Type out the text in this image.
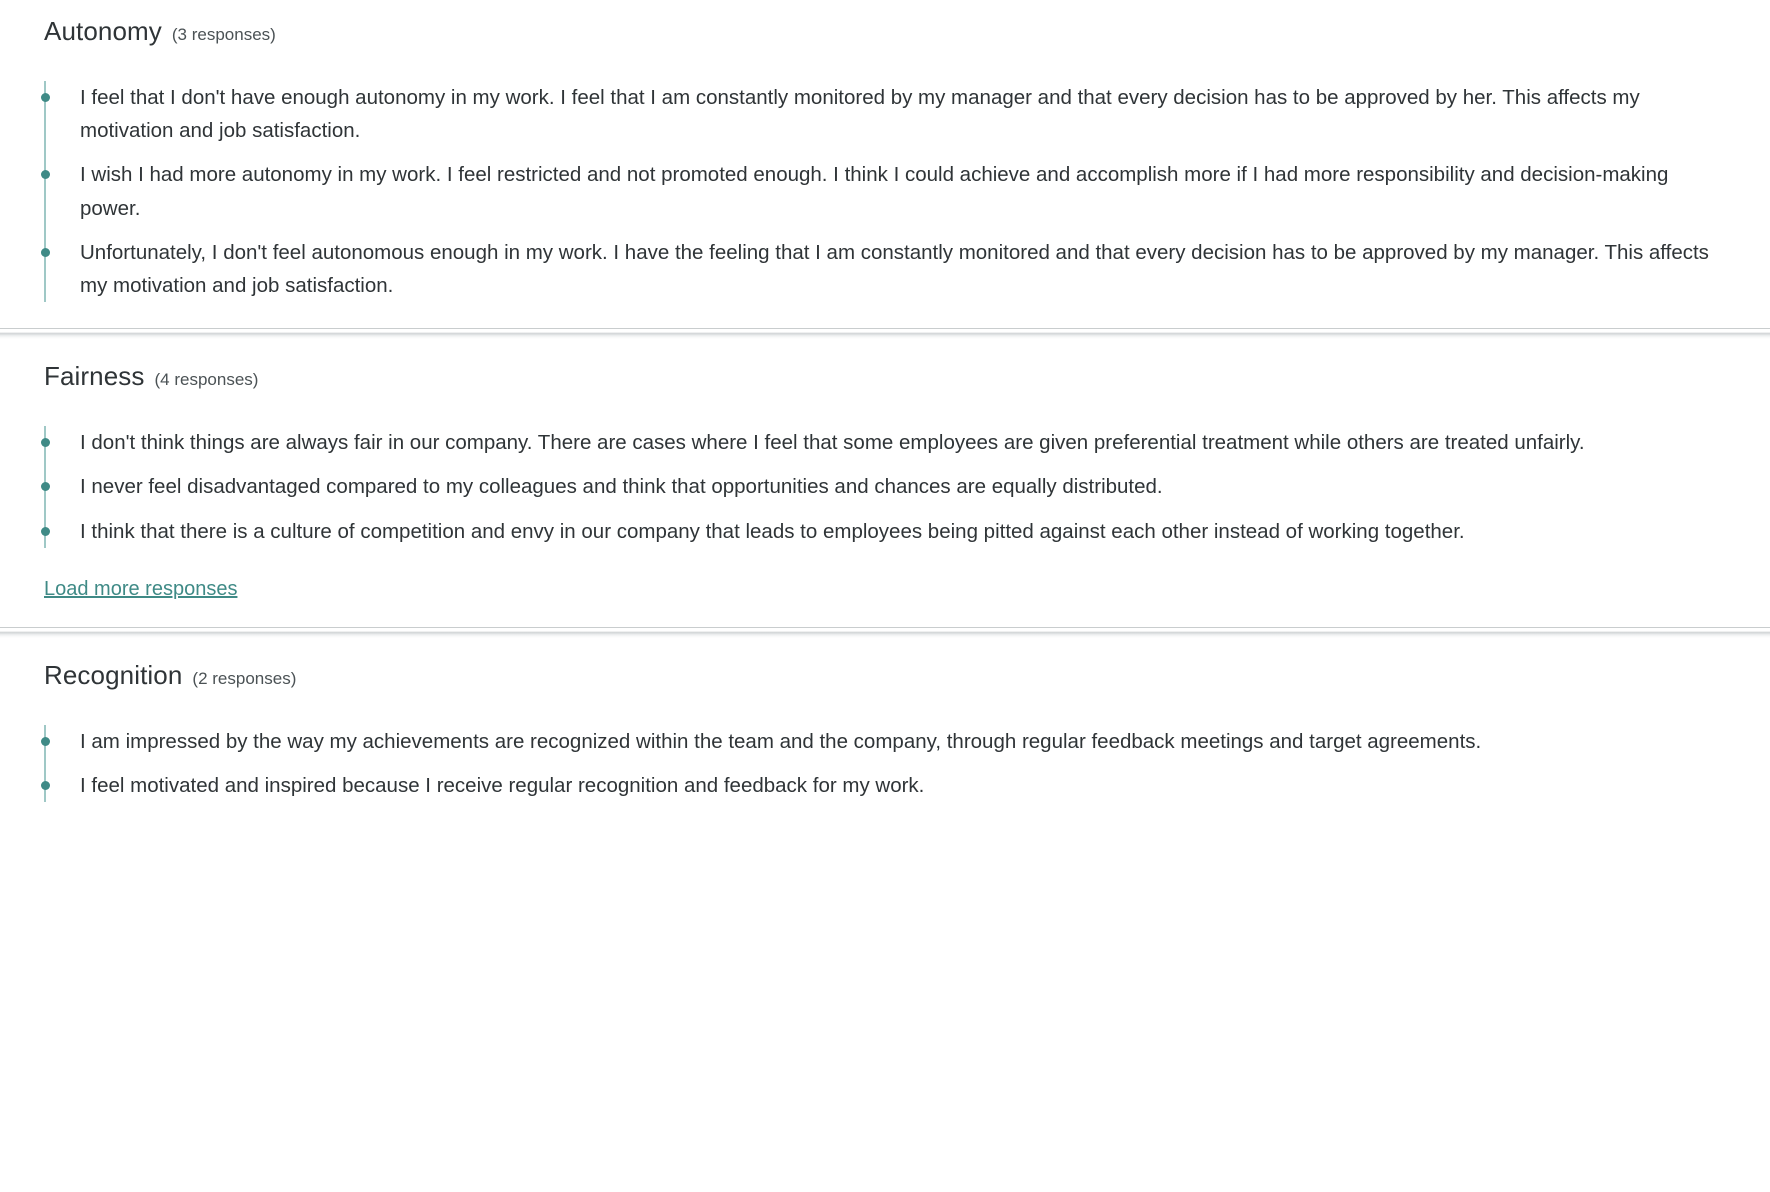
Autonomy (3 responses)
I feel that I don't have enough autonomy in my work. I feel that I am constantly monitored by my manager and that every decision has to be approved by her. This affects my motivation and job satisfaction.
I wish I had more autonomy in my work. I feel restricted and not promoted enough. I think I could achieve and accomplish more if I had more responsibility and decision-making power.
Unfortunately, I don't feel autonomous enough in my work. I have the feeling that I am constantly monitored and that every decision has to be approved by my manager. This affects my motivation and job satisfaction.
Fairness (4 responses)
I don't think things are always fair in our company. There are cases where I feel that some employees are given preferential treatment while others are treated unfairly.
I never feel disadvantaged compared to my colleagues and think that opportunities and chances are equally distributed.
I think that there is a culture of competition and envy in our company that leads to employees being pitted against each other instead of working together.
Load more responses
Recognition (2 responses)
I am impressed by the way my achievements are recognized within the team and the company, through regular feedback meetings and target agreements.
I feel motivated and inspired because I receive regular recognition and feedback for my work.
